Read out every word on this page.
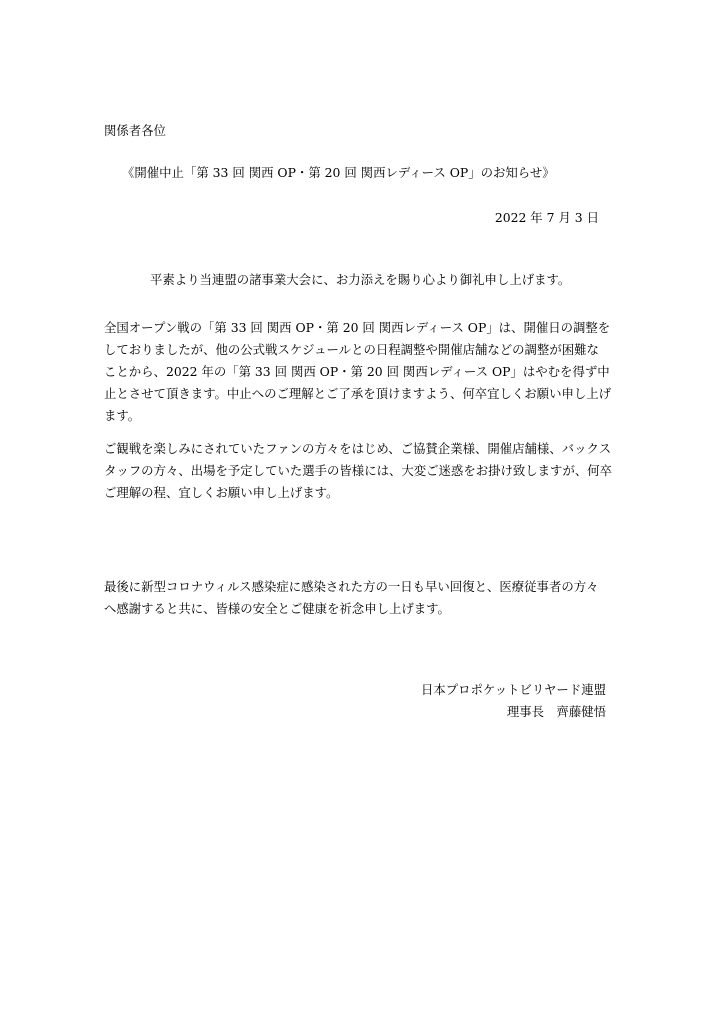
関係者各位
《開催中止「第 33 回 関西 OP・第 20 回 関西レディース OP」のお知らせ》
2022 年 7 月 3 日
平素より当連盟の諸事業大会に、お力添えを賜り心より御礼申し上げます。
全国オープン戦の「第 33 回 関西 OP・第 20 回 関西レディース OP」は、開催日の調整を
しておりましたが、他の公式戦スケジュールとの日程調整や開催店舗などの調整が困難な
ことから、2022 年の「第 33 回 関西 OP・第 20 回 関西レディース OP」はやむを得ず中
止とさせて頂きます。中止へのご理解とご了承を頂けますよう、何卒宜しくお願い申し上げ
ます。
ご観戦を楽しみにされていたファンの方々をはじめ、ご協賛企業様、開催店舗様、バックス
タッフの方々、出場を予定していた選手の皆様には、大変ご迷惑をお掛け致しますが、何卒
ご理解の程、宜しくお願い申し上げます。
最後に新型コロナウィルス感染症に感染された方の一日も早い回復と、医療従事者の方々
へ感謝すると共に、皆様の安全とご健康を祈念申し上げます。
日本プロポケットビリヤード連盟
理事長　齊藤健悟
